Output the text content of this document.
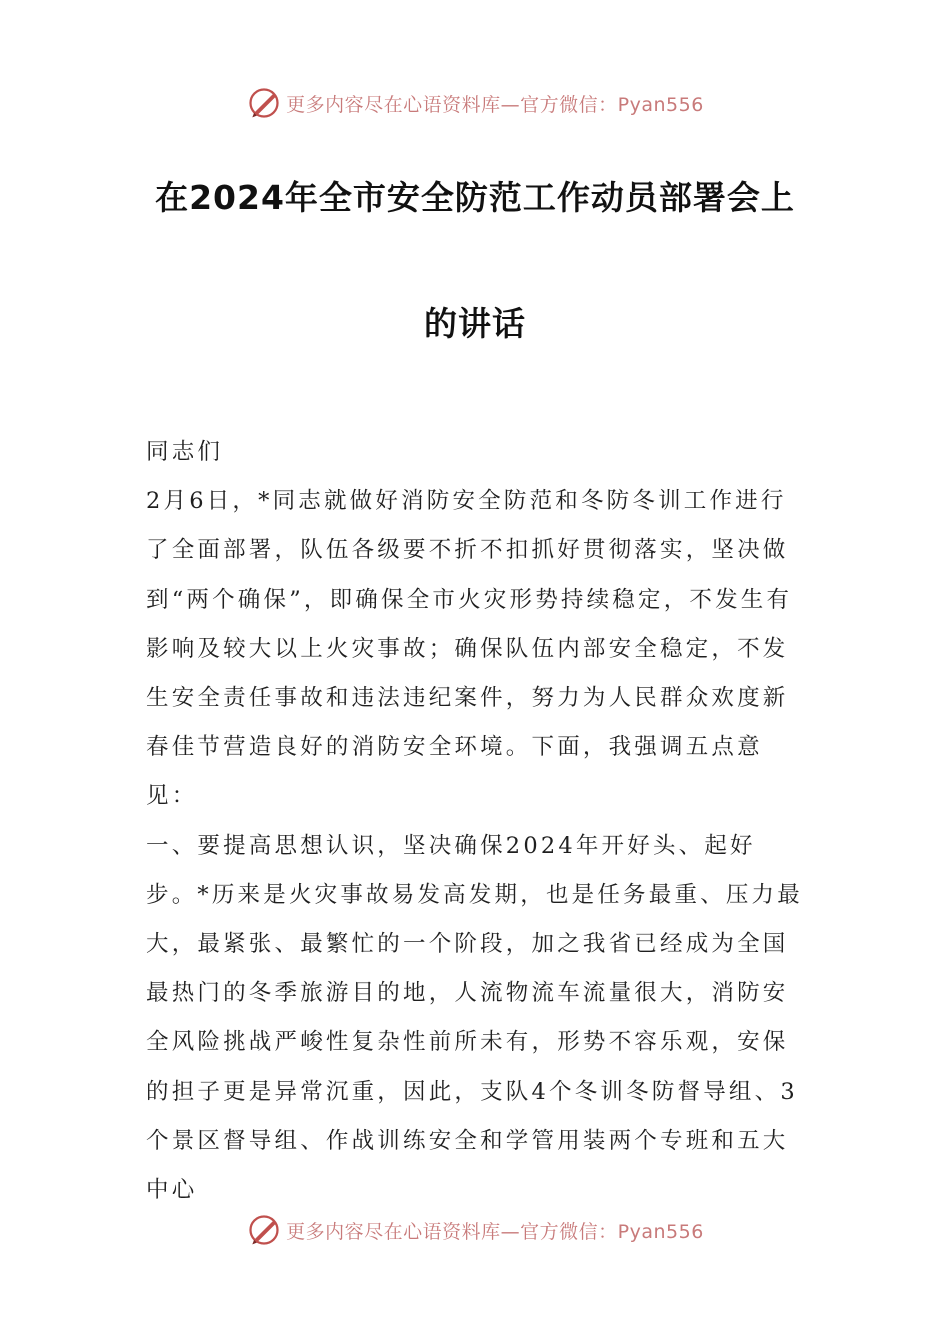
更多内容尽在心语资料库—官方微信：Pyan556
在2024年全市安全防范工作动员部署会上
的讲话

同志们

2月6日，*同志就做好消防安全防范和冬防冬训工作进行了全面部署，队伍各级要不折不扣抓好贯彻落实，坚决做到“两个确保”，即确保全市火灾形势持续稳定，不发生有影响及较大以上火灾事故；确保队伍内部安全稳定，不发生安全责任事故和违法违纪案件，努力为人民群众欢度新春佳节营造良好的消防安全环境。下面，我强调五点意见：

一、要提高思想认识，坚决确保2024年开好头、起好步。*历来是火灾事故易发高发期，也是任务最重、压力最大，最紧张、最繁忙的一个阶段，加之我省已经成为全国最热门的冬季旅游目的地，人流物流车流量很大，消防安全风险挑战严峻性复杂性前所未有，形势不容乐观，安保的担子更是异常沉重，因此，支队4个冬训冬防督导组、3个景区督导组、作战训练安全和学管用装两个专班和五大中心

更多内容尽在心语资料库—官方微信：Pyan556
